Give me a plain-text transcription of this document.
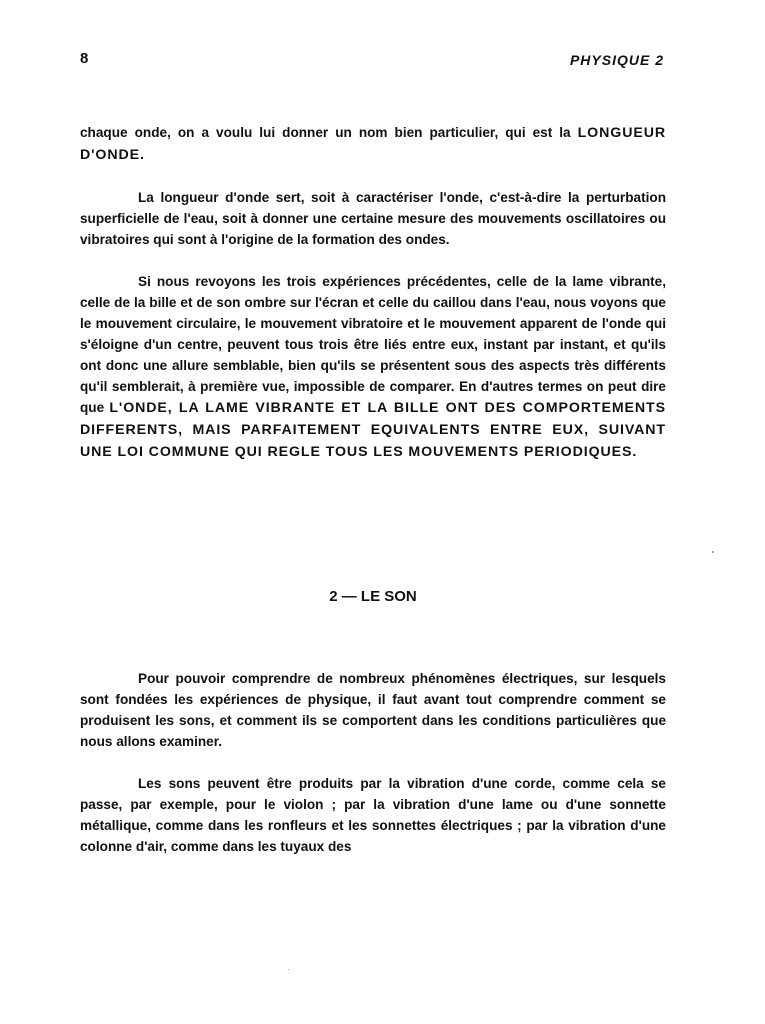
8	PHYSIQUE 2

chaque onde, on a voulu lui donner un nom bien particulier, qui est la LONGUEUR D'ONDE.

La longueur d'onde sert, soit à caractériser l'onde, c'est-à-dire la perturbation superficielle de l'eau, soit à donner une certaine mesure des mouvements oscillatoires ou vibratoires qui sont à l'origine de la formation des ondes.

Si nous revoyons les trois expériences précédentes, celle de la lame vibrante, celle de la bille et de son ombre sur l'écran et celle du caillou dans l'eau, nous voyons que le mouvement circulaire, le mouvement vibratoire et le mouvement apparent de l'onde qui s'éloigne d'un centre, peuvent tous trois être liés entre eux, instant par instant, et qu'ils ont donc une allure semblable, bien qu'ils se présentent sous des aspects très différents qu'il semblerait, à première vue, impossible de comparer. En d'autres termes on peut dire que L'ONDE, LA LAME VIBRANTE ET LA BILLE ONT DES COMPORTEMENTS DIFFERENTS, MAIS PARFAITEMENT EQUIVALENTS ENTRE EUX, SUIVANT UNE LOI COMMUNE QUI REGLE TOUS LES MOUVEMENTS PERIODIQUES.

2 — LE SON

Pour pouvoir comprendre de nombreux phénomènes électriques, sur lesquels sont fondées les expériences de physique, il faut avant tout comprendre comment se produisent les sons, et comment ils se comportent dans les conditions particulières que nous allons examiner.

Les sons peuvent être produits par la vibration d'une corde, comme cela se passe, par exemple, pour le violon ; par la vibration d'une lame ou d'une sonnette métallique, comme dans les ronfleurs et les sonnettes électriques ; par la vibration d'une colonne d'air, comme dans les tuyaux des
